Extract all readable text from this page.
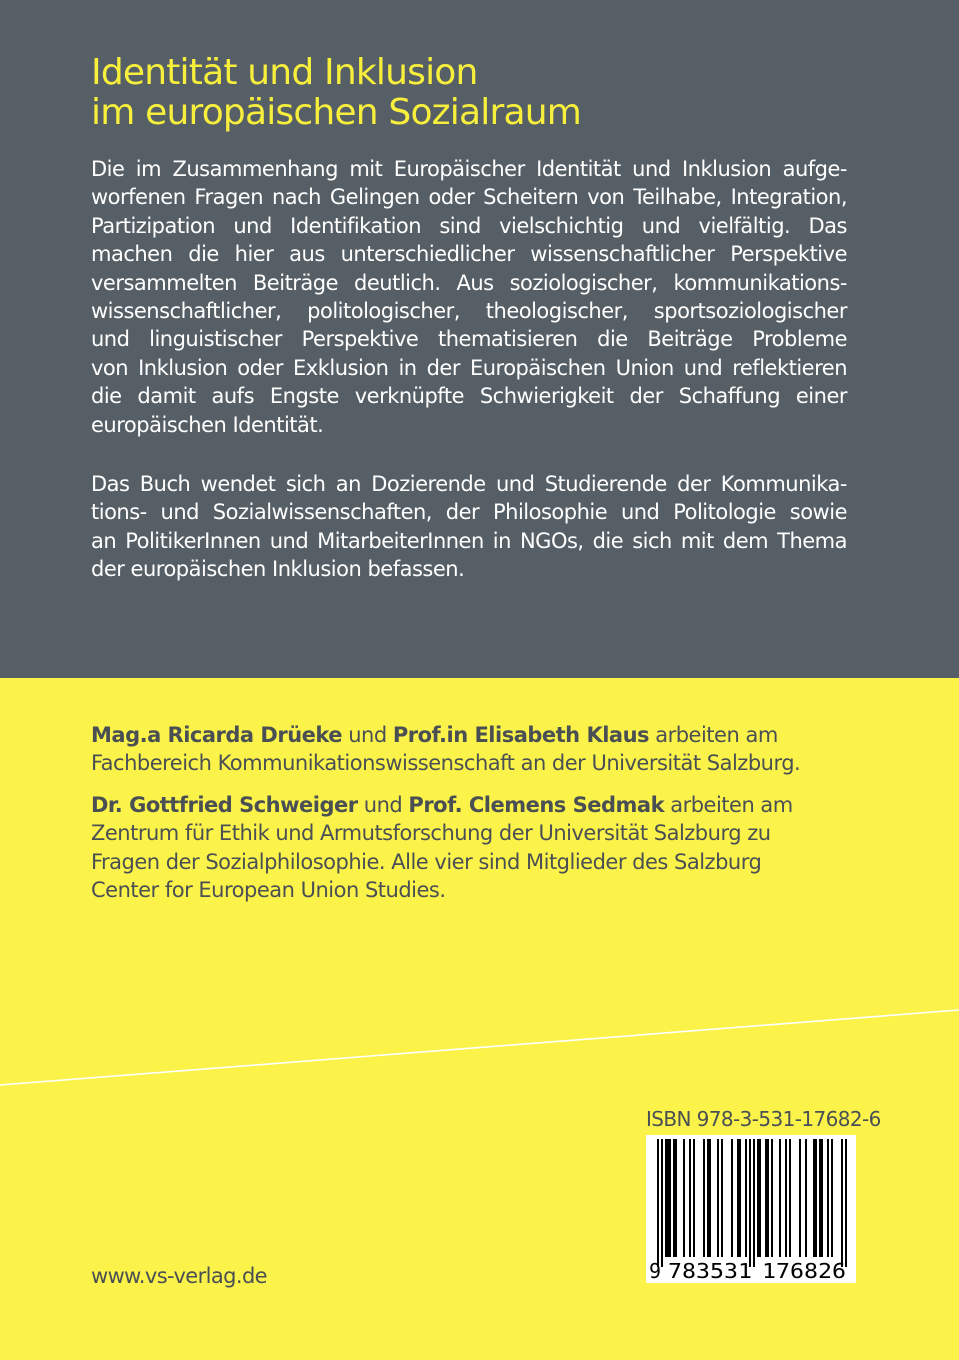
Identität und Inklusion
im europäischen Sozialraum
Die im Zusammenhang mit Europäischer Identität und Inklusion aufge-
worfenen Fragen nach Gelingen oder Scheitern von Teilhabe, Integration,
Partizipation und Identifikation sind vielschichtig und vielfältig. Das
machen die hier aus unterschiedlicher wissenschaftlicher Perspektive
versammelten Beiträge deutlich. Aus soziologischer, kommunikations-
wissenschaftlicher, politologischer, theologischer, sportsoziologischer
und linguistischer Perspektive thematisieren die Beiträge Probleme
von Inklusion oder Exklusion in der Europäischen Union und reflektieren
die damit aufs Engste verknüpfte Schwierigkeit der Schaffung einer
europäischen Identität.
Das Buch wendet sich an Dozierende und Studierende der Kommunika-
tions- und Sozialwissenschaften, der Philosophie und Politologie sowie
an PolitikerInnen und MitarbeiterInnen in NGOs, die sich mit dem Thema
der europäischen Inklusion befassen.
Mag.a Ricarda Drüeke und Prof.in Elisabeth Klaus arbeiten am
Fachbereich Kommunikationswissenschaft an der Universität Salzburg.
Dr. Gottfried Schweiger und Prof. Clemens Sedmak arbeiten am
Zentrum für Ethik und Armutsforschung der Universität Salzburg zu
Fragen der Sozialphilosophie. Alle vier sind Mitglieder des Salzburg
Center for European Union Studies.
ISBN 978-3-531-17682-6
9 783531 176826
www.vs-verlag.de
